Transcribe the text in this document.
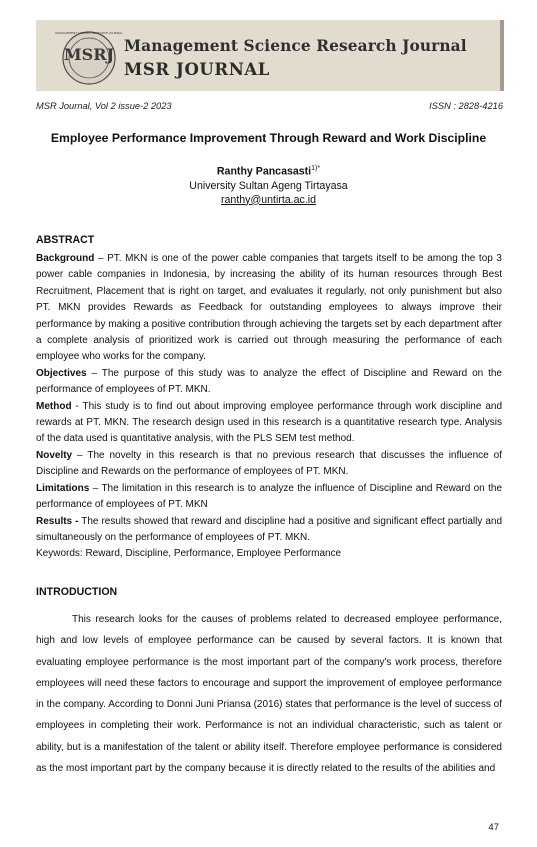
MSRJ
MANAGEMENT SCIENCE RESEARCH JOURNAL
Management Science Research Journal
MSR JOURNAL
MSR Journal, Vol 2 issue-2 2023	ISSN : 2828-4216
Employee Performance Improvement Through Reward and Work Discipline
Ranthy Pancasasti$^{1)*}$
University Sultan Ageng Tirtayasa
ranthy@untirta.ac.id
ABSTRACT

Background – PT. MKN is one of the power cable companies that targets itself to be among the top 3 power cable companies in Indonesia, by increasing the ability of its human resources through Best Recruitment, Placement that is right on target, and evaluates it regularly, not only punishment but also PT. MKN provides Rewards as Feedback for outstanding employees to always improve their performance by making a positive contribution through achieving the targets set by each department after a complete analysis of prioritized work is carried out through measuring the performance of each employee who works for the company.

Objectives – The purpose of this study was to analyze the effect of Discipline and Reward on the performance of employees of PT. MKN.

Method - This study is to find out about improving employee performance through work discipline and rewards at PT. MKN. The research design used in this research is a quantitative research type. Analysis of the data used is quantitative analysis, with the PLS SEM test method.

Novelty – The novelty in this research is that no previous research that discusses the influence of Discipline and Rewards on the performance of employees of PT. MKN.

Limitations – The limitation in this research is to analyze the influence of Discipline and Reward on the performance of employees of PT. MKN

Results - The results showed that reward and discipline had a positive and significant effect partially and simultaneously on the performance of employees of PT. MKN.

Keywords: Reward, Discipline, Performance, Employee Performance

INTRODUCTION

This research looks for the causes of problems related to decreased employee performance, high and low levels of employee performance can be caused by several factors. It is known that evaluating employee performance is the most important part of the company's work process, therefore employees will need these factors to encourage and support the improvement of employee performance in the company. According to Donni Juni Priansa (2016) states that performance is the level of success of employees in completing their work. Performance is not an individual characteristic, such as talent or ability, but is a manifestation of the talent or ability itself. Therefore employee performance is considered as the most important part by the company because it is directly related to the results of the abilities and

47
